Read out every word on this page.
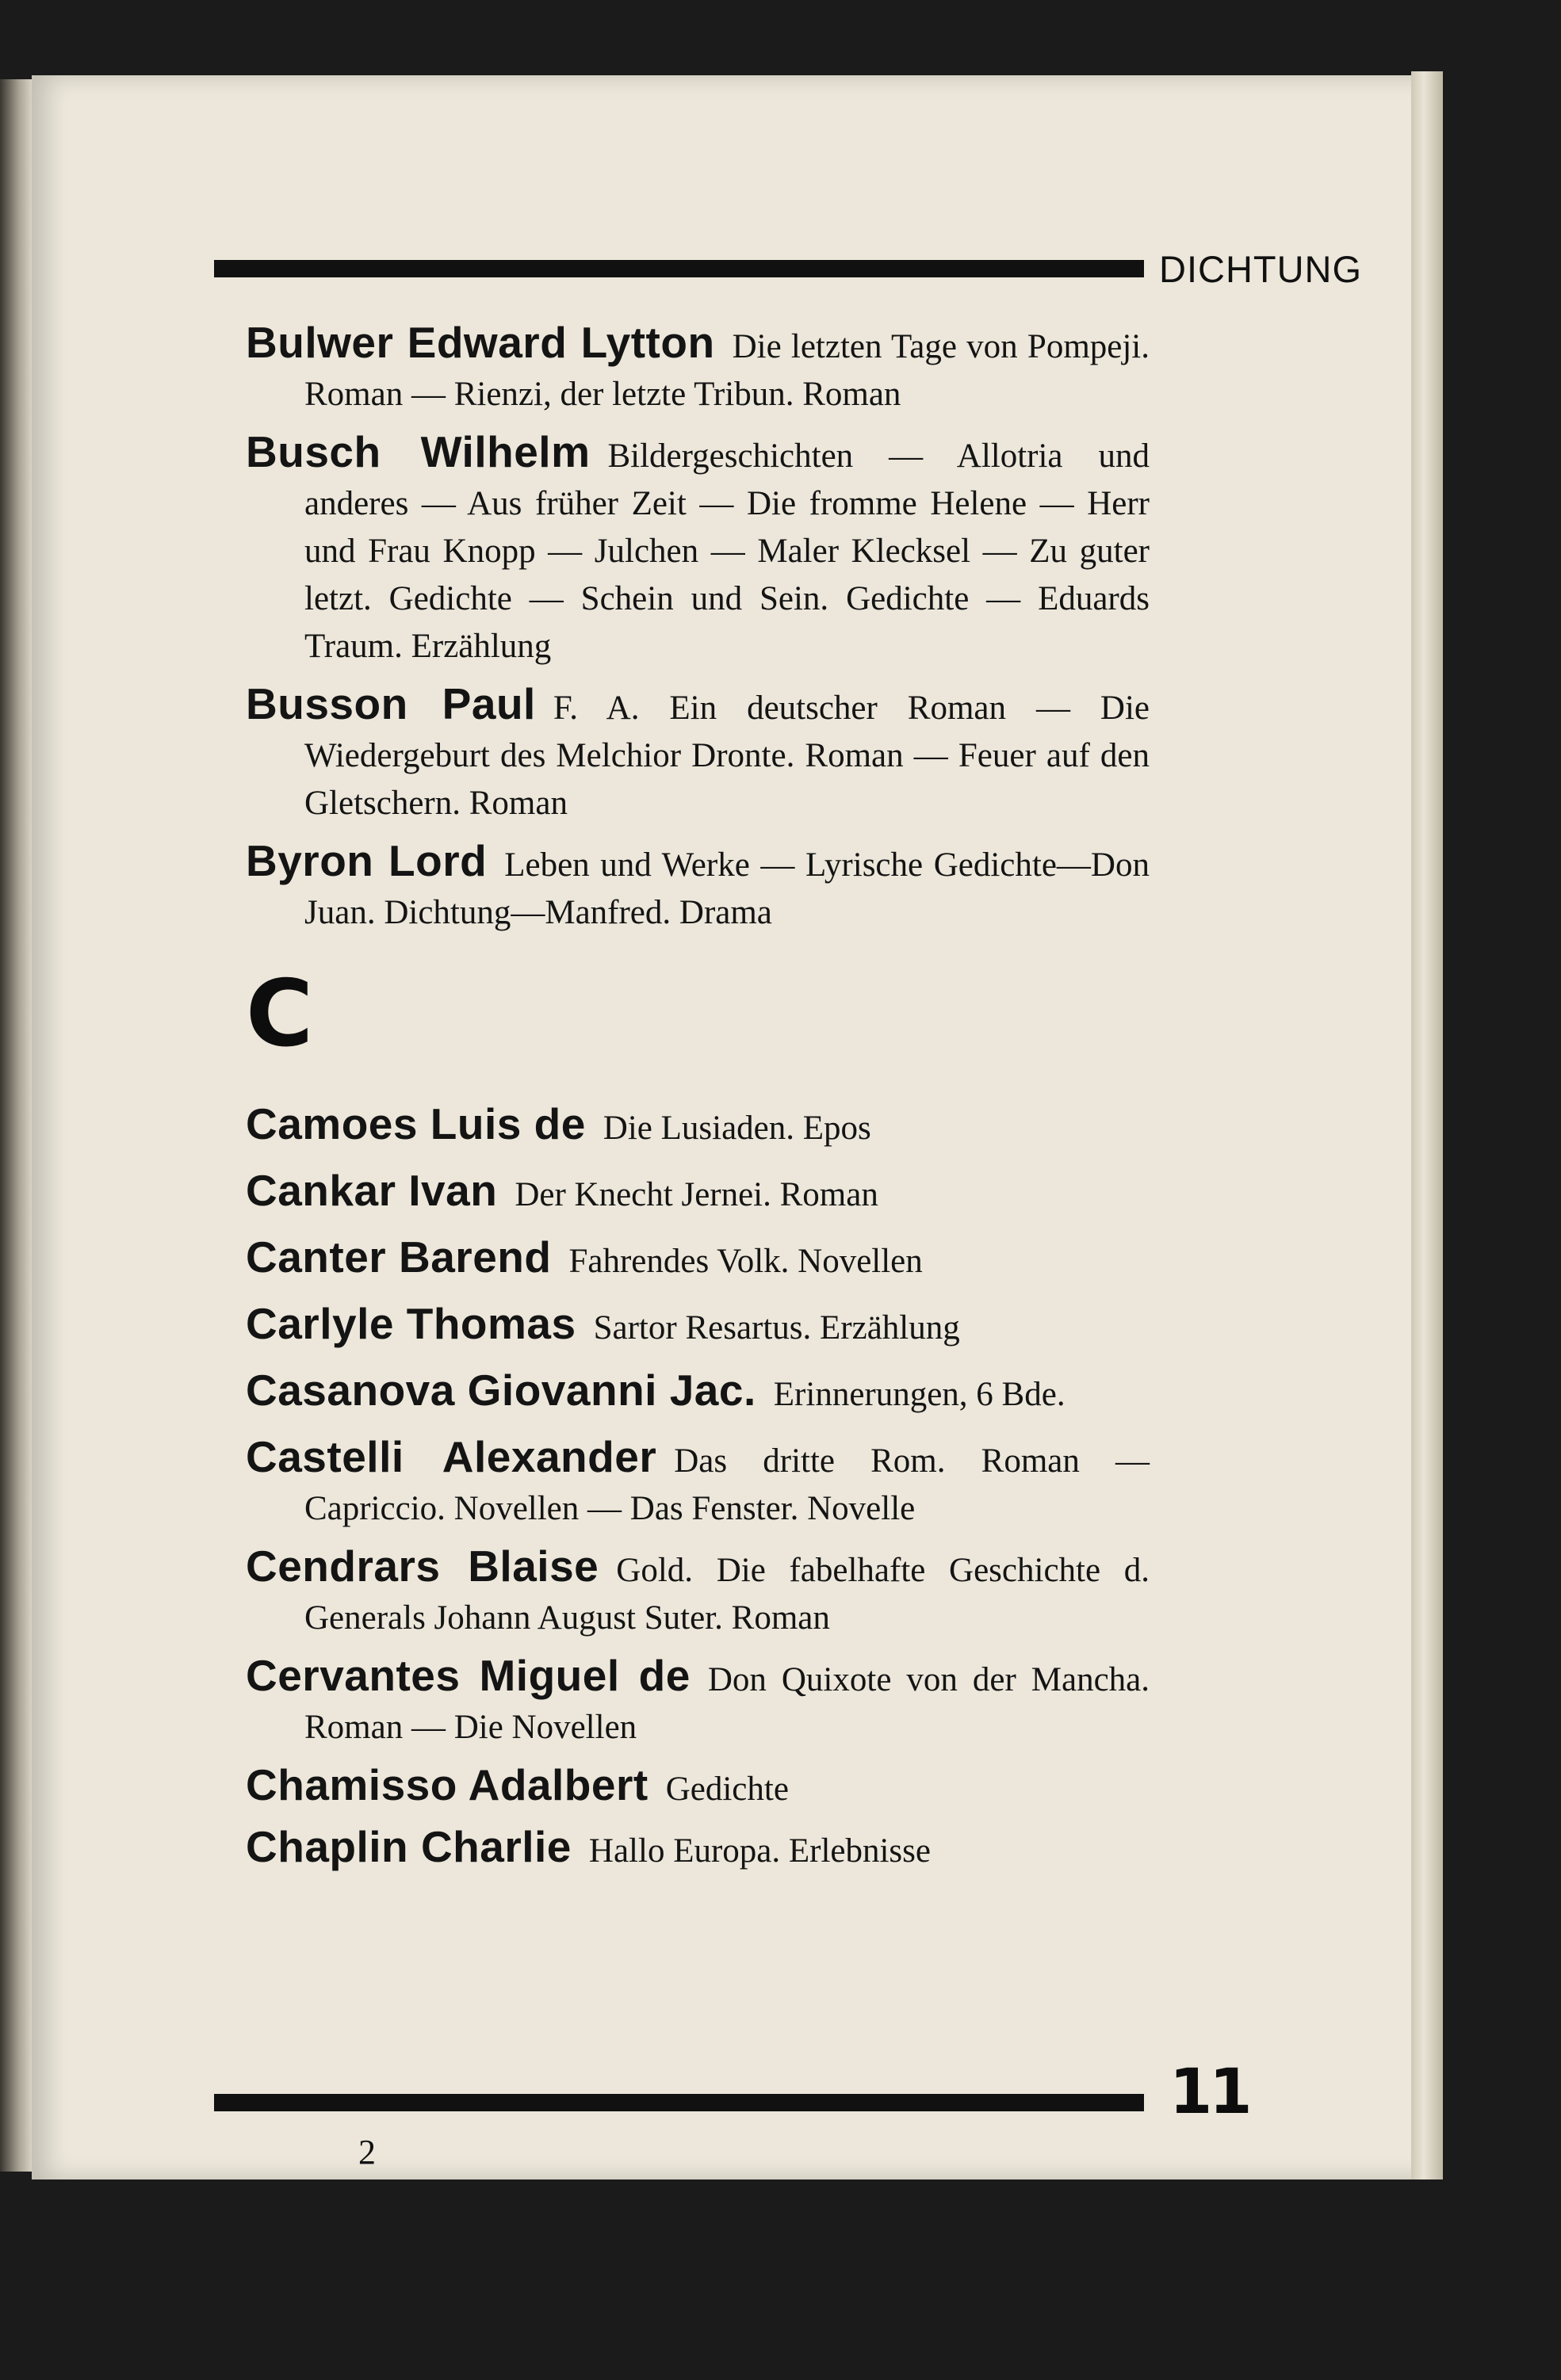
DICHTUNG
Bulwer Edward Lytton Die letzten Tage von Pompeji. Roman — Rienzi, der letzte Tribun. Roman
Busch Wilhelm Bildergeschichten — Allotria und anderes — Aus früher Zeit — Die fromme Helene — Herr und Frau Knopp — Julchen — Maler Klecksel — Zu guter letzt. Gedichte — Schein und Sein. Gedichte — Eduards Traum. Erzählung
Busson Paul F. A. Ein deutscher Roman — Die Wiedergeburt des Melchior Dronte. Roman — Feuer auf den Gletschern. Roman
Byron Lord Leben und Werke — Lyrische Gedichte—Don Juan. Dichtung—Manfred. Drama
C
Camoes Luis de Die Lusiaden. Epos
Cankar Ivan Der Knecht Jernei. Roman
Canter Barend Fahrendes Volk. Novellen
Carlyle Thomas Sartor Resartus. Erzählung
Casanova Giovanni Jac. Erinnerungen, 6 Bde.
Castelli Alexander Das dritte Rom. Roman — Capriccio. Novellen — Das Fenster. Novelle
Cendrars Blaise Gold. Die fabelhafte Geschichte d. Generals Johann August Suter. Roman
Cervantes Miguel de Don Quixote von der Mancha. Roman — Die Novellen
Chamisso Adalbert Gedichte
Chaplin Charlie Hallo Europa. Erlebnisse
11
2
